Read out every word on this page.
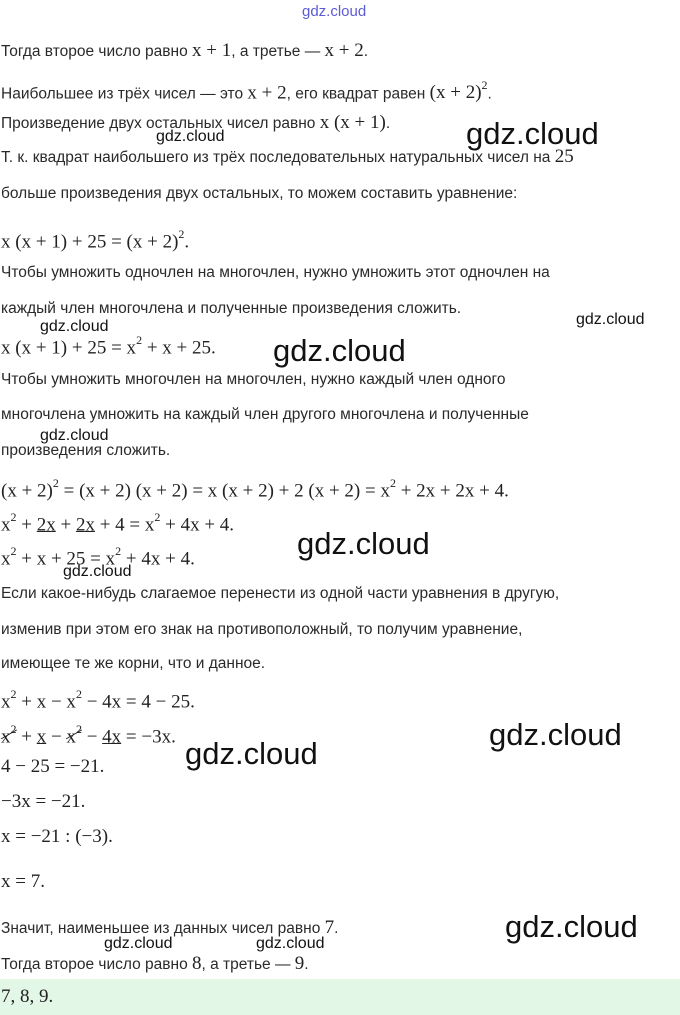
gdz.cloud
Тогда второе число равно x + 1, а третье — x + 2.
Наибольшее из трёх чисел — это x + 2, его квадрат равен $(x + 2)^2$.
Произведение двух остальных чисел равно x (x + 1).
Т. к. квадрат наибольшего из трёх последовательных натуральных чисел на 25
больше произведения двух остальных, то можем составить уравнение:
x $(x + 1) + 25 = (x + 2)^2$.
Чтобы умножить одночлен на многочлен, нужно умножить этот одночлен на
каждый член многочлена и полученные произведения сложить.
x $(x + 1) + 25 = x^2 + x + 25$.
Чтобы умножить многочлен на многочлен, нужно каждый член одного
многочлена умножить на каждый член другого многочлена и полученные
произведения сложить.
$(x + 2)^2 = (x + 2)$ (x + 2) = x (x + 2) + 2 $(x + 2) = x^2 + 2x + 2x + 4$.
$x^2 + 2x + 2x + 4 = x^2 + 4x + 4$.
$x^2 + x + 25 = x^2 + 4x + 4$.
Если какое-нибудь слагаемое перенести из одной части уравнения в другую,
изменив при этом его знак на противоположный, то получим уравнение,
имеющее те же корни, что и данное.
$x^2 + x - x^2 - 4x = 4 - 25$.
$x^2 + x - x^2 - 4x = -3x$.
4 − 25 = −21.
−3x = −21.
x = −21 : (−3).
x = 7.
Значит, наименьшее из данных чисел равно 7.
Тогда второе число равно 8, а третье — 9.
7, 8, 9.
gdz.cloud	gdz.cloud
gdz.cloud	gdz.cloud
gdz.cloud
gdz.cloud
gdz.cloud
gdz.cloud
gdz.cloud
gdz.cloud
gdz.cloud
gdz.cloud	gdz.cloud
